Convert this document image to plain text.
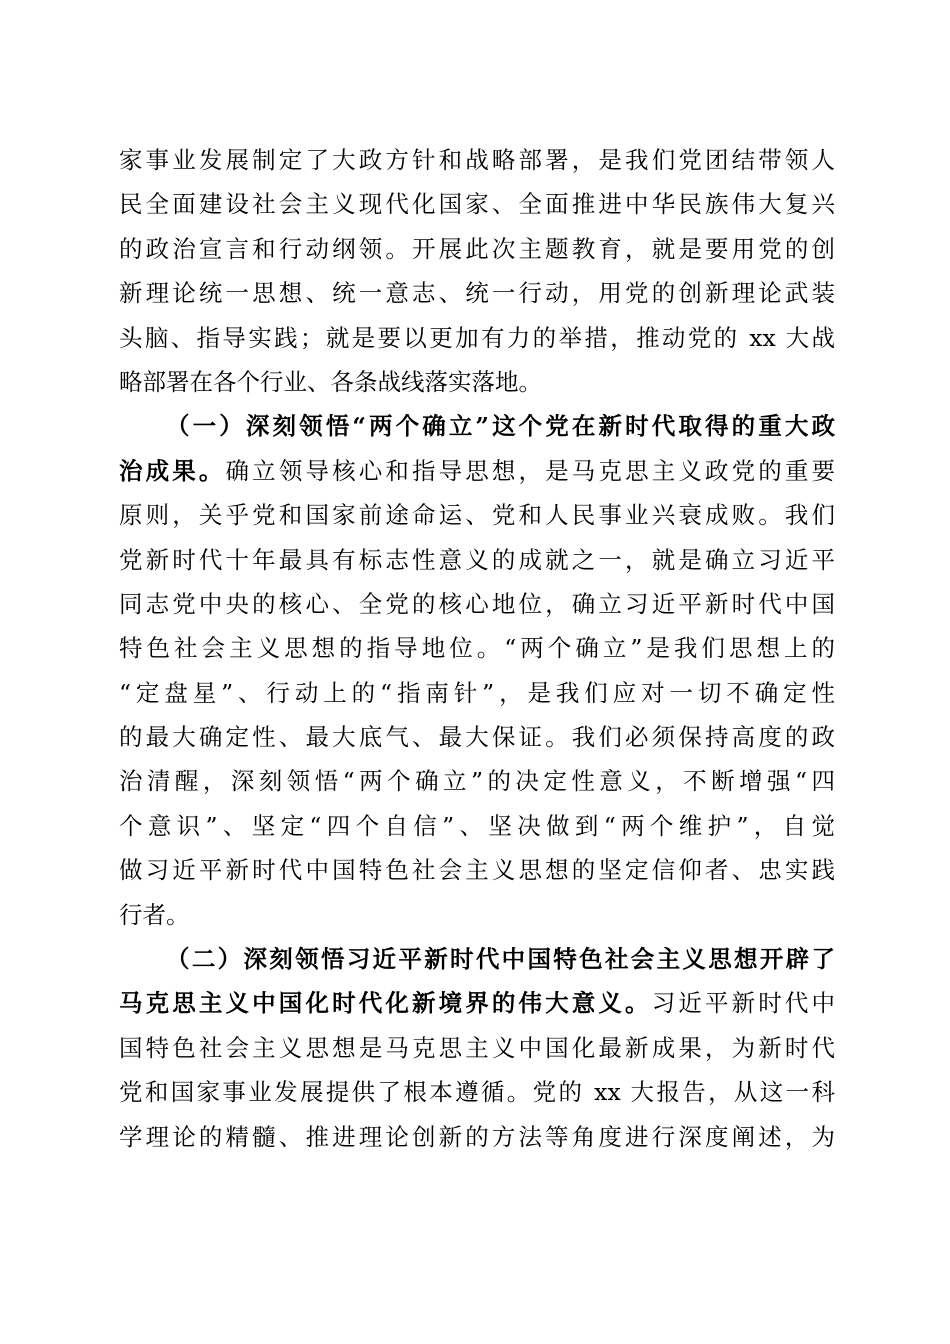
家事业发展制定了大政方针和战略部署，是我们党团结带领人
民全面建设社会主义现代化国家、全面推进中华民族伟大复兴
的政治宣言和行动纲领。开展此次主题教育，就是要用党的创
新理论统一思想、统一意志、统一行动，用党的创新理论武装
头脑、指导实践；就是要以更加有力的举措，推动党的 xx 大战
略部署在各个行业、各条战线落实落地。
（一）深刻领悟“两个确立”这个党在新时代取得的重大政
治成果。确立领导核心和指导思想，是马克思主义政党的重要
原则，关乎党和国家前途命运、党和人民事业兴衰成败。我们
党新时代十年最具有标志性意义的成就之一，就是确立习近平
同志党中央的核心、全党的核心地位，确立习近平新时代中国
特色社会主义思想的指导地位。“两个确立”是我们思想上的
“定盘星”、行动上的“指南针”，是我们应对一切不确定性
的最大确定性、最大底气、最大保证。我们必须保持高度的政
治清醒，深刻领悟“两个确立”的决定性意义，不断增强“四
个意识”、坚定“四个自信”、坚决做到“两个维护”，自觉
做习近平新时代中国特色社会主义思想的坚定信仰者、忠实践
行者。
（二）深刻领悟习近平新时代中国特色社会主义思想开辟了
马克思主义中国化时代化新境界的伟大意义。习近平新时代中
国特色社会主义思想是马克思主义中国化最新成果，为新时代
党和国家事业发展提供了根本遵循。党的 xx 大报告，从这一科
学理论的精髓、推进理论创新的方法等角度进行深度阐述，为
